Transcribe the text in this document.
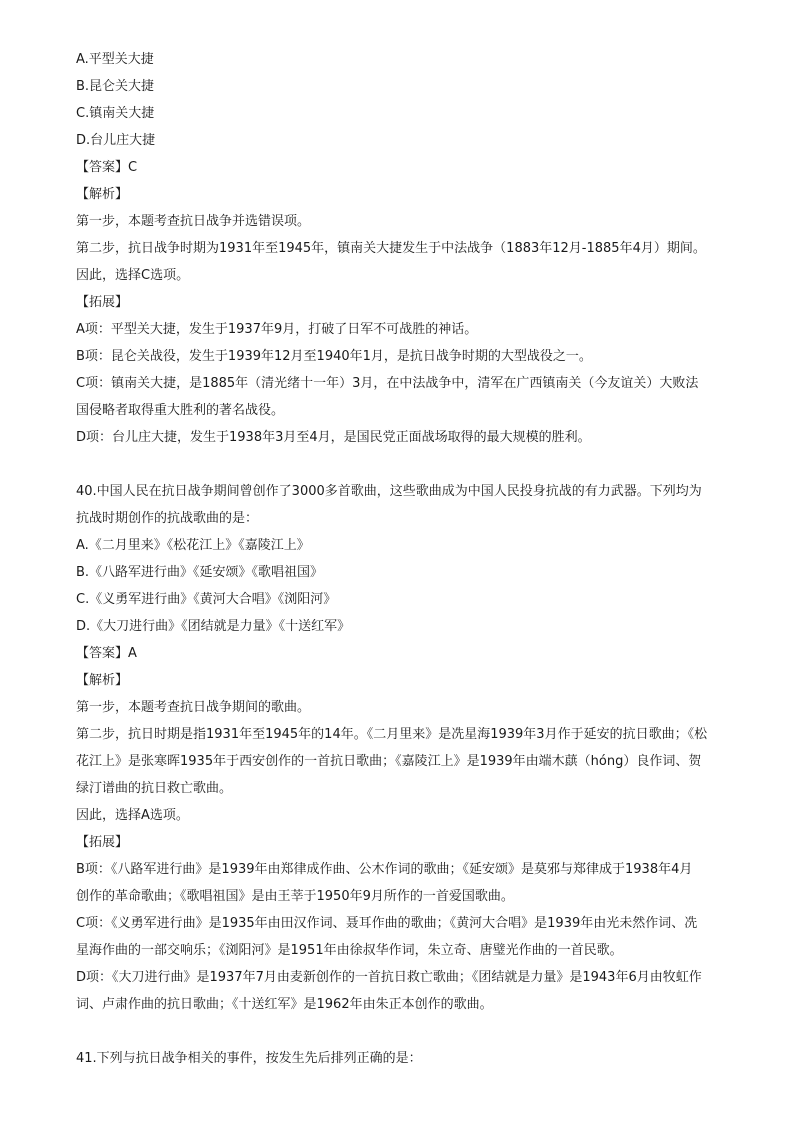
A.平型关大捷

B.昆仑关大捷

C.镇南关大捷

D.台儿庄大捷

【答案】C

【解析】

第一步，本题考查抗日战争并选错误项。

第二步，抗日战争时期为1931年至1945年，镇南关大捷发生于中法战争（1883年12月-1885年4月）期间。

因此，选择C选项。

【拓展】

A项：平型关大捷，发生于1937年9月，打破了日军不可战胜的神话。

B项：昆仑关战役，发生于1939年12月至1940年1月，是抗日战争时期的大型战役之一。

C项：镇南关大捷，是1885年（清光绪十一年）3月，在中法战争中，清军在广西镇南关（今友谊关）大败法

国侵略者取得重大胜利的著名战役。

D项：台儿庄大捷，发生于1938年3月至4月，是国民党正面战场取得的最大规模的胜利。

40.中国人民在抗日战争期间曾创作了3000多首歌曲，这些歌曲成为中国人民投身抗战的有力武器。下列均为

抗战时期创作的抗战歌曲的是：

A.《二月里来》《松花江上》《嘉陵江上》

B.《八路军进行曲》《延安颂》《歌唱祖国》

C.《义勇军进行曲》《黄河大合唱》《浏阳河》

D.《大刀进行曲》《团结就是力量》《十送红军》

【答案】A

【解析】

第一步，本题考查抗日战争期间的歌曲。

第二步，抗日时期是指1931年至1945年的14年。《二月里来》是冼星海1939年3月作于延安的抗日歌曲；《松

花江上》是张寒晖1935年于西安创作的一首抗日歌曲；《嘉陵江上》是1939年由端木蕻（hóng）良作词、贺

绿汀谱曲的抗日救亡歌曲。

因此，选择A选项。

【拓展】

B项：《八路军进行曲》是1939年由郑律成作曲、公木作词的歌曲；《延安颂》是莫邪与郑律成于1938年4月

创作的革命歌曲；《歌唱祖国》是由王莘于1950年9月所作的一首爱国歌曲。

C项：《义勇军进行曲》是1935年由田汉作词、聂耳作曲的歌曲；《黄河大合唱》是1939年由光未然作词、冼

星海作曲的一部交响乐；《浏阳河》是1951年由徐叔华作词，朱立奇、唐璧光作曲的一首民歌。

D项：《大刀进行曲》是1937年7月由麦新创作的一首抗日救亡歌曲；《团结就是力量》是1943年6月由牧虹作

词、卢肃作曲的抗日歌曲；《十送红军》是1962年由朱正本创作的歌曲。

41.下列与抗日战争相关的事件，按发生先后排列正确的是：
